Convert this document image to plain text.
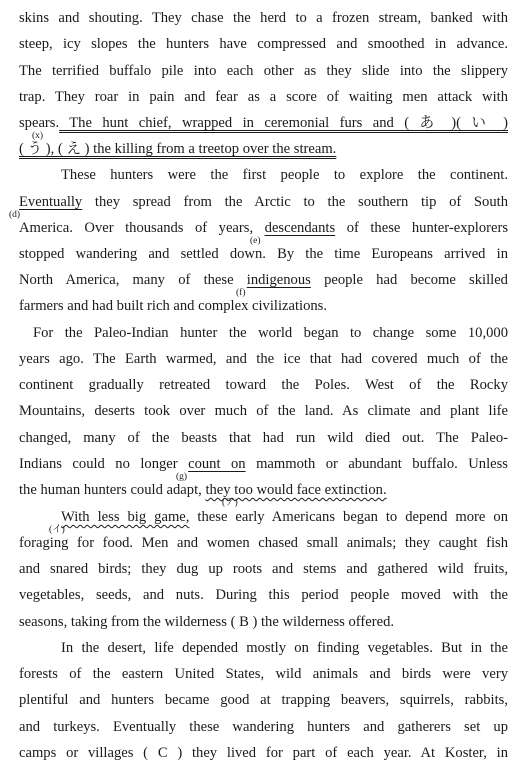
skins and shouting. They chase the herd to a frozen stream, banked with
steep, icy slopes the hunters have compressed and smoothed in advance.
The terrified buffalo pile into each other as they slide into the slippery
trap. They roar in pain and fear as a score of waiting men attack with
spears. The hunt chief, wrapped in ceremonial furs and ( あ )( い )
(x)
( う ), ( え ) the killing from a treetop over the stream.
These hunters were the first people to explore the continent.
Eventually they spread from the Arctic to the southern tip of South
(d)
America. Over thousands of years, descendants of these hunter-explorers
(e)
stopped wandering and settled down. By the time Europeans arrived in
North America, many of these indigenous people had become skilled
(f)
farmers and had built rich and complex civilizations.
For the Paleo-Indian hunter the world began to change some 10,000
years ago. The Earth warmed, and the ice that had covered much of the
continent gradually retreated toward the Poles. West of the Rocky
Mountains, deserts took over much of the land. As climate and plant life
changed, many of the beasts that had run wild died out. The Paleo-
Indians could no longer count on mammoth or abundant buffalo. Unless
(g)
the human hunters could adapt, they too would face extinction.
(ア)
With less big game, these early Americans began to depend more on
(イ)
foraging for food. Men and women chased small animals; they caught fish
and snared birds; they dug up roots and stems and gathered wild fruits,
vegetables, seeds, and nuts. During this period people moved with the
seasons, taking from the wilderness ( B ) the wilderness offered.
In the desert, life depended mostly on finding vegetables. But in the
forests of the eastern United States, wild animals and birds were very
plentiful and hunters became good at trapping beavers, squirrels, rabbits,
and turkeys. Eventually these wandering hunters and gatherers set up
camps or villages ( C ) they lived for part of each year. At Koster, in
